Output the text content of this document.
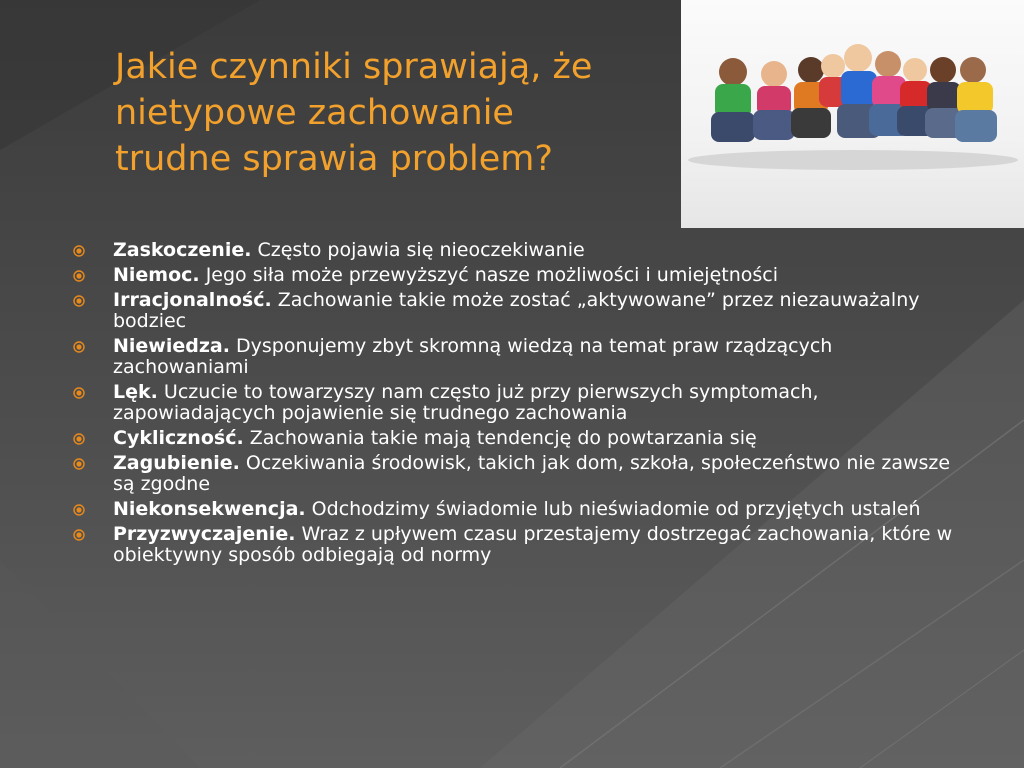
Jakie czynniki sprawiają, że
nietypowe zachowanie
trudne sprawia problem?
Zaskoczenie. Często pojawia się nieoczekiwanie
Niemoc. Jego siła może przewyższyć nasze możliwości i umiejętności
Irracjonalność. Zachowanie takie może zostać „aktywowane” przez niezauważalny bodziec
Niewiedza. Dysponujemy zbyt skromną wiedzą na temat praw rządzących zachowaniami
Lęk. Uczucie to towarzyszy nam często już przy pierwszych symptomach, zapowiadających pojawienie się trudnego zachowania
Cykliczność. Zachowania takie mają tendencję do powtarzania się
Zagubienie. Oczekiwania środowisk, takich jak dom, szkoła, społeczeństwo nie zawsze są zgodne
Niekonsekwencja. Odchodzimy świadomie lub nieświadomie od przyjętych ustaleń
Przyzwyczajenie. Wraz z upływem czasu przestajemy dostrzegać zachowania, które w obiektywny sposób odbiegają od normy
